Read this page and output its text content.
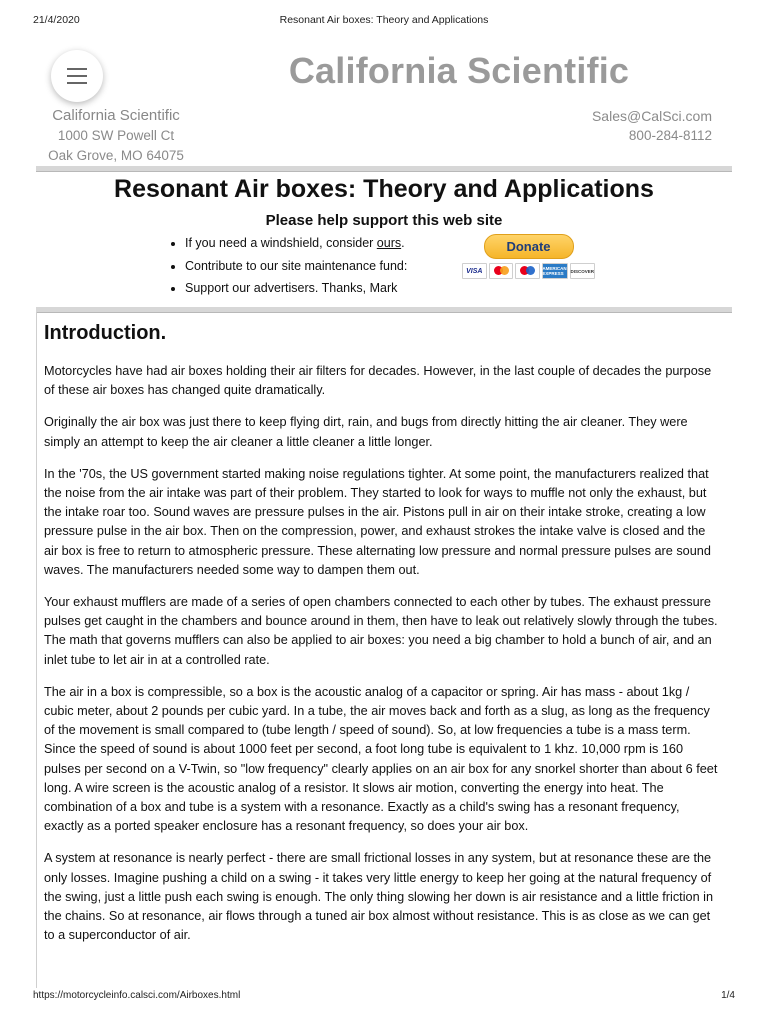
21/4/2020	Resonant Air boxes: Theory and Applications
California Scientific
California Scientific
1000 SW Powell Ct
Oak Grove, MO 64075
Sales@CalSci.com
800-284-8112
Resonant Air boxes: Theory and Applications
Please help support this web site
• If you need a windshield, consider ours.
• Contribute to our site maintenance fund:
• Support our advertisers. Thanks, Mark
Donate
VISA	AMERICAN EXPRESS	DISCOVER
Introduction.

Motorcycles have had air boxes holding their air filters for decades. However, in the last couple of decades the purpose of these air boxes has changed quite dramatically.

Originally the air box was just there to keep flying dirt, rain, and bugs from directly hitting the air cleaner. They were simply an attempt to keep the air cleaner a little cleaner a little longer.

In the '70s, the US government started making noise regulations tighter. At some point, the manufacturers realized that the noise from the air intake was part of their problem. They started to look for ways to muffle not only the exhaust, but the intake roar too. Sound waves are pressure pulses in the air. Pistons pull in air on their intake stroke, creating a low pressure pulse in the air box. Then on the compression, power, and exhaust strokes the intake valve is closed and the air box is free to return to atmospheric pressure. These alternating low pressure and normal pressure pulses are sound waves. The manufacturers needed some way to dampen them out.

Your exhaust mufflers are made of a series of open chambers connected to each other by tubes. The exhaust pressure pulses get caught in the chambers and bounce around in them, then have to leak out relatively slowly through the tubes. The math that governs mufflers can also be applied to air boxes: you need a big chamber to hold a bunch of air, and an inlet tube to let air in at a controlled rate.

The air in a box is compressible, so a box is the acoustic analog of a capacitor or spring. Air has mass - about 1kg / cubic meter, about 2 pounds per cubic yard. In a tube, the air moves back and forth as a slug, as long as the frequency of the movement is small compared to (tube length / speed of sound). So, at low frequencies a tube is a mass term. Since the speed of sound is about 1000 feet per second, a foot long tube is equivalent to 1 khz. 10,000 rpm is 160 pulses per second on a V-Twin, so "low frequency" clearly applies on an air box for any snorkel shorter than about 6 feet long. A wire screen is the acoustic analog of a resistor. It slows air motion, converting the energy into heat. The combination of a box and tube is a system with a resonance. Exactly as a child's swing has a resonant frequency, exactly as a ported speaker enclosure has a resonant frequency, so does your air box.

A system at resonance is nearly perfect - there are small frictional losses in any system, but at resonance these are the only losses. Imagine pushing a child on a swing - it takes very little energy to keep her going at the natural frequency of the swing, just a little push each swing is enough. The only thing slowing her down is air resistance and a little friction in the chains. So at resonance, air flows through a tuned air box almost without resistance. This is as close as we can get to a superconductor of air.

https://motorcycleinfo.calsci.com/Airboxes.html	1/4
